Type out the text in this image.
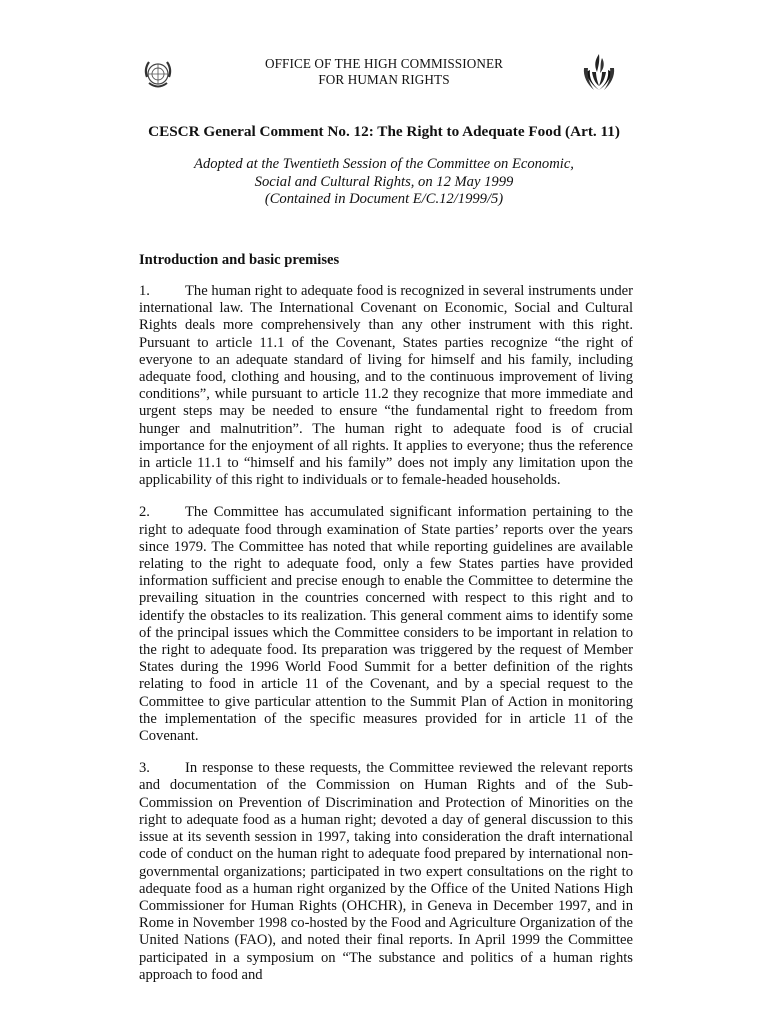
OFFICE OF THE HIGH COMMISSIONER
FOR HUMAN RIGHTS
CESCR General Comment No. 12: The Right to Adequate Food (Art. 11)
Adopted at the Twentieth Session of the Committee on Economic,
Social and Cultural Rights, on 12 May 1999
(Contained in Document E/C.12/1999/5)
Introduction and basic premises

1. The human right to adequate food is recognized in several instruments under international law. The International Covenant on Economic, Social and Cultural Rights deals more comprehensively than any other instrument with this right. Pursuant to article 11.1 of the Covenant, States parties recognize “the right of everyone to an adequate standard of living for himself and his family, including adequate food, clothing and housing, and to the continuous improvement of living conditions”, while pursuant to article 11.2 they recognize that more immediate and urgent steps may be needed to ensure “the fundamental right to freedom from hunger and malnutrition”. The human right to adequate food is of crucial importance for the enjoyment of all rights. It applies to everyone; thus the reference in article 11.1 to “himself and his family” does not imply any limitation upon the applicability of this right to individuals or to female-headed households.

2. The Committee has accumulated significant information pertaining to the right to adequate food through examination of State parties’ reports over the years since 1979. The Committee has noted that while reporting guidelines are available relating to the right to adequate food, only a few States parties have provided information sufficient and precise enough to enable the Committee to determine the prevailing situation in the countries concerned with respect to this right and to identify the obstacles to its realization. This general comment aims to identify some of the principal issues which the Committee considers to be important in relation to the right to adequate food. Its preparation was triggered by the request of Member States during the 1996 World Food Summit for a better definition of the rights relating to food in article 11 of the Covenant, and by a special request to the Committee to give particular attention to the Summit Plan of Action in monitoring the implementation of the specific measures provided for in article 11 of the Covenant.

3. In response to these requests, the Committee reviewed the relevant reports and documentation of the Commission on Human Rights and of the Sub-Commission on Prevention of Discrimination and Protection of Minorities on the right to adequate food as a human right; devoted a day of general discussion to this issue at its seventh session in 1997, taking into consideration the draft international code of conduct on the human right to adequate food prepared by international non-governmental organizations; participated in two expert consultations on the right to adequate food as a human right organized by the Office of the United Nations High Commissioner for Human Rights (OHCHR), in Geneva in December 1997, and in Rome in November 1998 co-hosted by the Food and Agriculture Organization of the United Nations (FAO), and noted their final reports. In April 1999 the Committee participated in a symposium on “The substance and politics of a human rights approach to food and
